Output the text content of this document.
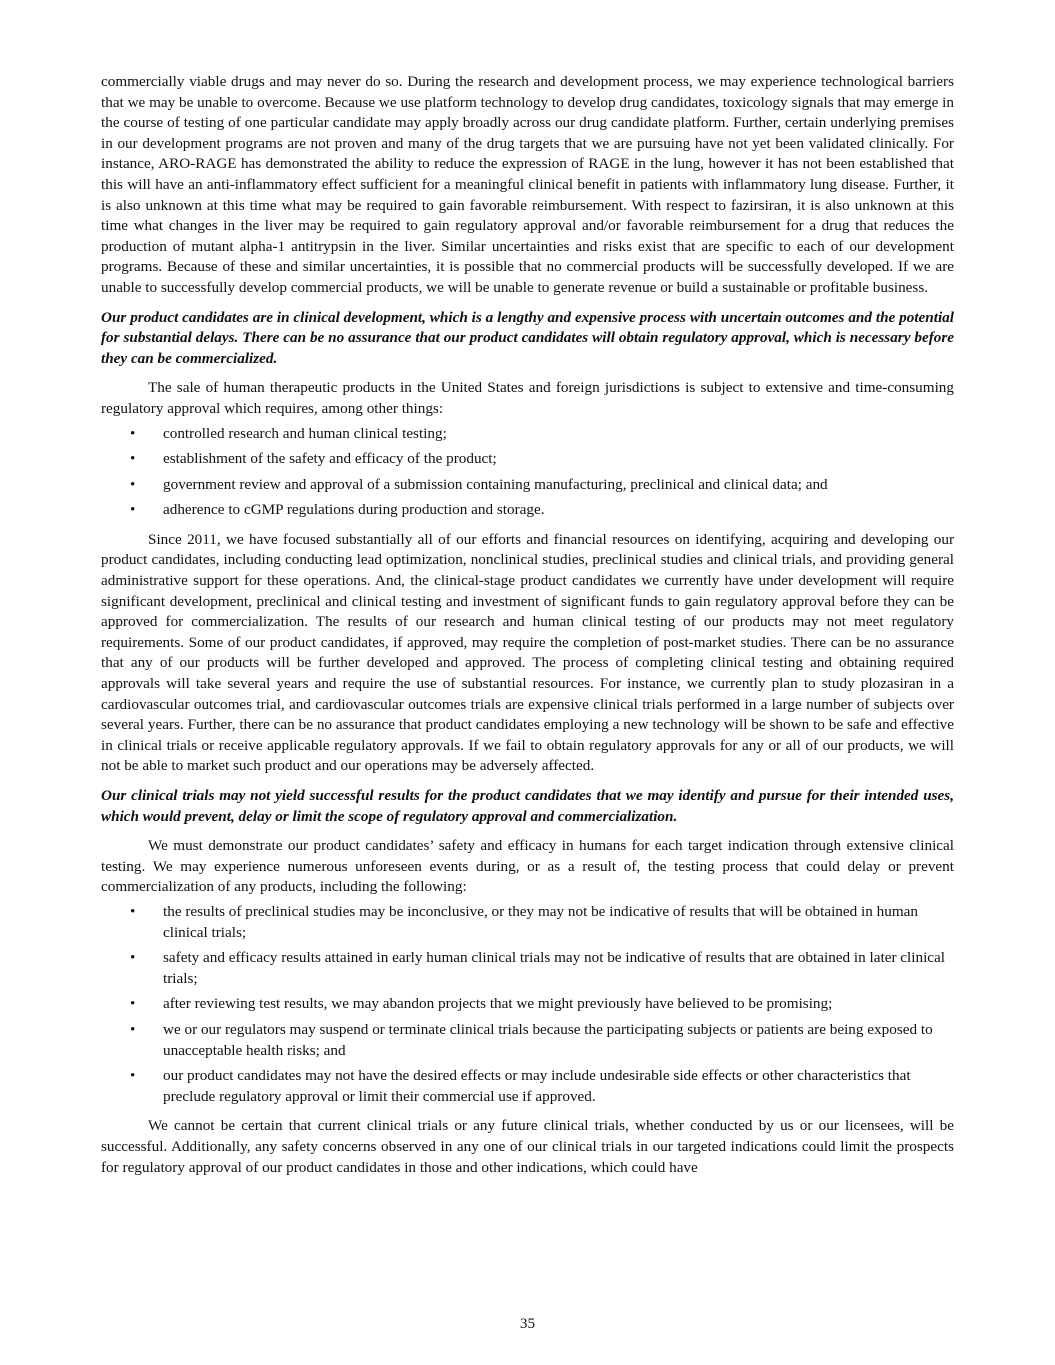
commercially viable drugs and may never do so. During the research and development process, we may experience technological barriers that we may be unable to overcome. Because we use platform technology to develop drug candidates, toxicology signals that may emerge in the course of testing of one particular candidate may apply broadly across our drug candidate platform. Further, certain underlying premises in our development programs are not proven and many of the drug targets that we are pursuing have not yet been validated clinically. For instance, ARO-RAGE has demonstrated the ability to reduce the expression of RAGE in the lung, however it has not been established that this will have an anti-inflammatory effect sufficient for a meaningful clinical benefit in patients with inflammatory lung disease. Further, it is also unknown at this time what may be required to gain favorable reimbursement. With respect to fazirsiran, it is also unknown at this time what changes in the liver may be required to gain regulatory approval and/or favorable reimbursement for a drug that reduces the production of mutant alpha-1 antitrypsin in the liver. Similar uncertainties and risks exist that are specific to each of our development programs. Because of these and similar uncertainties, it is possible that no commercial products will be successfully developed. If we are unable to successfully develop commercial products, we will be unable to generate revenue or build a sustainable or profitable business.

Our product candidates are in clinical development, which is a lengthy and expensive process with uncertain outcomes and the potential for substantial delays. There can be no assurance that our product candidates will obtain regulatory approval, which is necessary before they can be commercialized.

The sale of human therapeutic products in the United States and foreign jurisdictions is subject to extensive and time-consuming regulatory approval which requires, among other things:

• controlled research and human clinical testing;
• establishment of the safety and efficacy of the product;
• government review and approval of a submission containing manufacturing, preclinical and clinical data; and
• adherence to cGMP regulations during production and storage.

Since 2011, we have focused substantially all of our efforts and financial resources on identifying, acquiring and developing our product candidates, including conducting lead optimization, nonclinical studies, preclinical studies and clinical trials, and providing general administrative support for these operations. And, the clinical-stage product candidates we currently have under development will require significant development, preclinical and clinical testing and investment of significant funds to gain regulatory approval before they can be approved for commercialization. The results of our research and human clinical testing of our products may not meet regulatory requirements. Some of our product candidates, if approved, may require the completion of post-market studies. There can be no assurance that any of our products will be further developed and approved. The process of completing clinical testing and obtaining required approvals will take several years and require the use of substantial resources. For instance, we currently plan to study plozasiran in a cardiovascular outcomes trial, and cardiovascular outcomes trials are expensive clinical trials performed in a large number of subjects over several years. Further, there can be no assurance that product candidates employing a new technology will be shown to be safe and effective in clinical trials or receive applicable regulatory approvals. If we fail to obtain regulatory approvals for any or all of our products, we will not be able to market such product and our operations may be adversely affected.

Our clinical trials may not yield successful results for the product candidates that we may identify and pursue for their intended uses, which would prevent, delay or limit the scope of regulatory approval and commercialization.

We must demonstrate our product candidates’ safety and efficacy in humans for each target indication through extensive clinical testing. We may experience numerous unforeseen events during, or as a result of, the testing process that could delay or prevent commercialization of any products, including the following:

• the results of preclinical studies may be inconclusive, or they may not be indicative of results that will be obtained in human clinical trials;
• safety and efficacy results attained in early human clinical trials may not be indicative of results that are obtained in later clinical trials;
• after reviewing test results, we may abandon projects that we might previously have believed to be promising;
• we or our regulators may suspend or terminate clinical trials because the participating subjects or patients are being exposed to unacceptable health risks; and
• our product candidates may not have the desired effects or may include undesirable side effects or other characteristics that preclude regulatory approval or limit their commercial use if approved.

We cannot be certain that current clinical trials or any future clinical trials, whether conducted by us or our licensees, will be successful. Additionally, any safety concerns observed in any one of our clinical trials in our targeted indications could limit the prospects for regulatory approval of our product candidates in those and other indications, which could have

35
